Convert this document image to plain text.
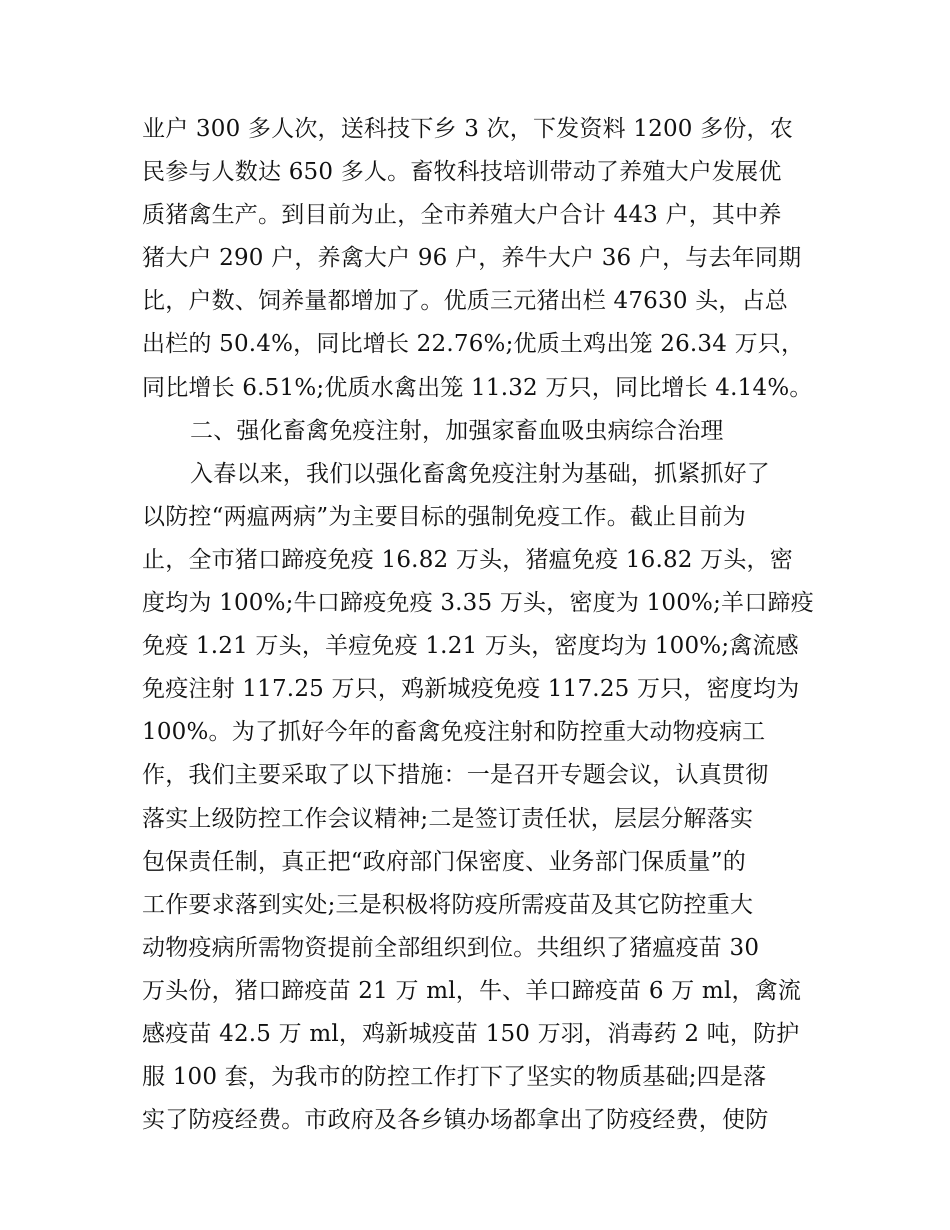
业户 300 多人次，送科技下乡 3 次，下发资料 1200 多份，农
民参与人数达 650 多人。畜牧科技培训带动了养殖大户发展优
质猪禽生产。到目前为止，全市养殖大户合计 443 户，其中养
猪大户 290 户，养禽大户 96 户，养牛大户 36 户，与去年同期
比，户数、饲养量都增加了。优质三元猪出栏 47630 头，占总
出栏的 50.4%，同比增长 22.76%;优质土鸡出笼 26.34 万只，
同比增长 6.51%;优质水禽出笼 11.32 万只，同比增长 4.14%。
二、强化畜禽免疫注射，加强家畜血吸虫病综合治理
入春以来，我们以强化畜禽免疫注射为基础，抓紧抓好了
以防控“两瘟两病”为主要目标的强制免疫工作。截止目前为
止，全市猪口蹄疫免疫 16.82 万头，猪瘟免疫 16.82 万头，密
度均为 100%;牛口蹄疫免疫 3.35 万头，密度为 100%;羊口蹄疫
免疫 1.21 万头，羊痘免疫 1.21 万头，密度均为 100%;禽流感
免疫注射 117.25 万只，鸡新城疫免疫 117.25 万只，密度均为
100%。为了抓好今年的畜禽免疫注射和防控重大动物疫病工
作，我们主要采取了以下措施：一是召开专题会议，认真贯彻
落实上级防控工作会议精神;二是签订责任状，层层分解落实
包保责任制，真正把“政府部门保密度、业务部门保质量”的
工作要求落到实处;三是积极将防疫所需疫苗及其它防控重大
动物疫病所需物资提前全部组织到位。共组织了猪瘟疫苗 30
万头份，猪口蹄疫苗 21 万 ml，牛、羊口蹄疫苗 6 万 ml，禽流
感疫苗 42.5 万 ml，鸡新城疫苗 150 万羽，消毒药 2 吨，防护
服 100 套，为我市的防控工作打下了坚实的物质基础;四是落
实了防疫经费。市政府及各乡镇办场都拿出了防疫经费，使防
